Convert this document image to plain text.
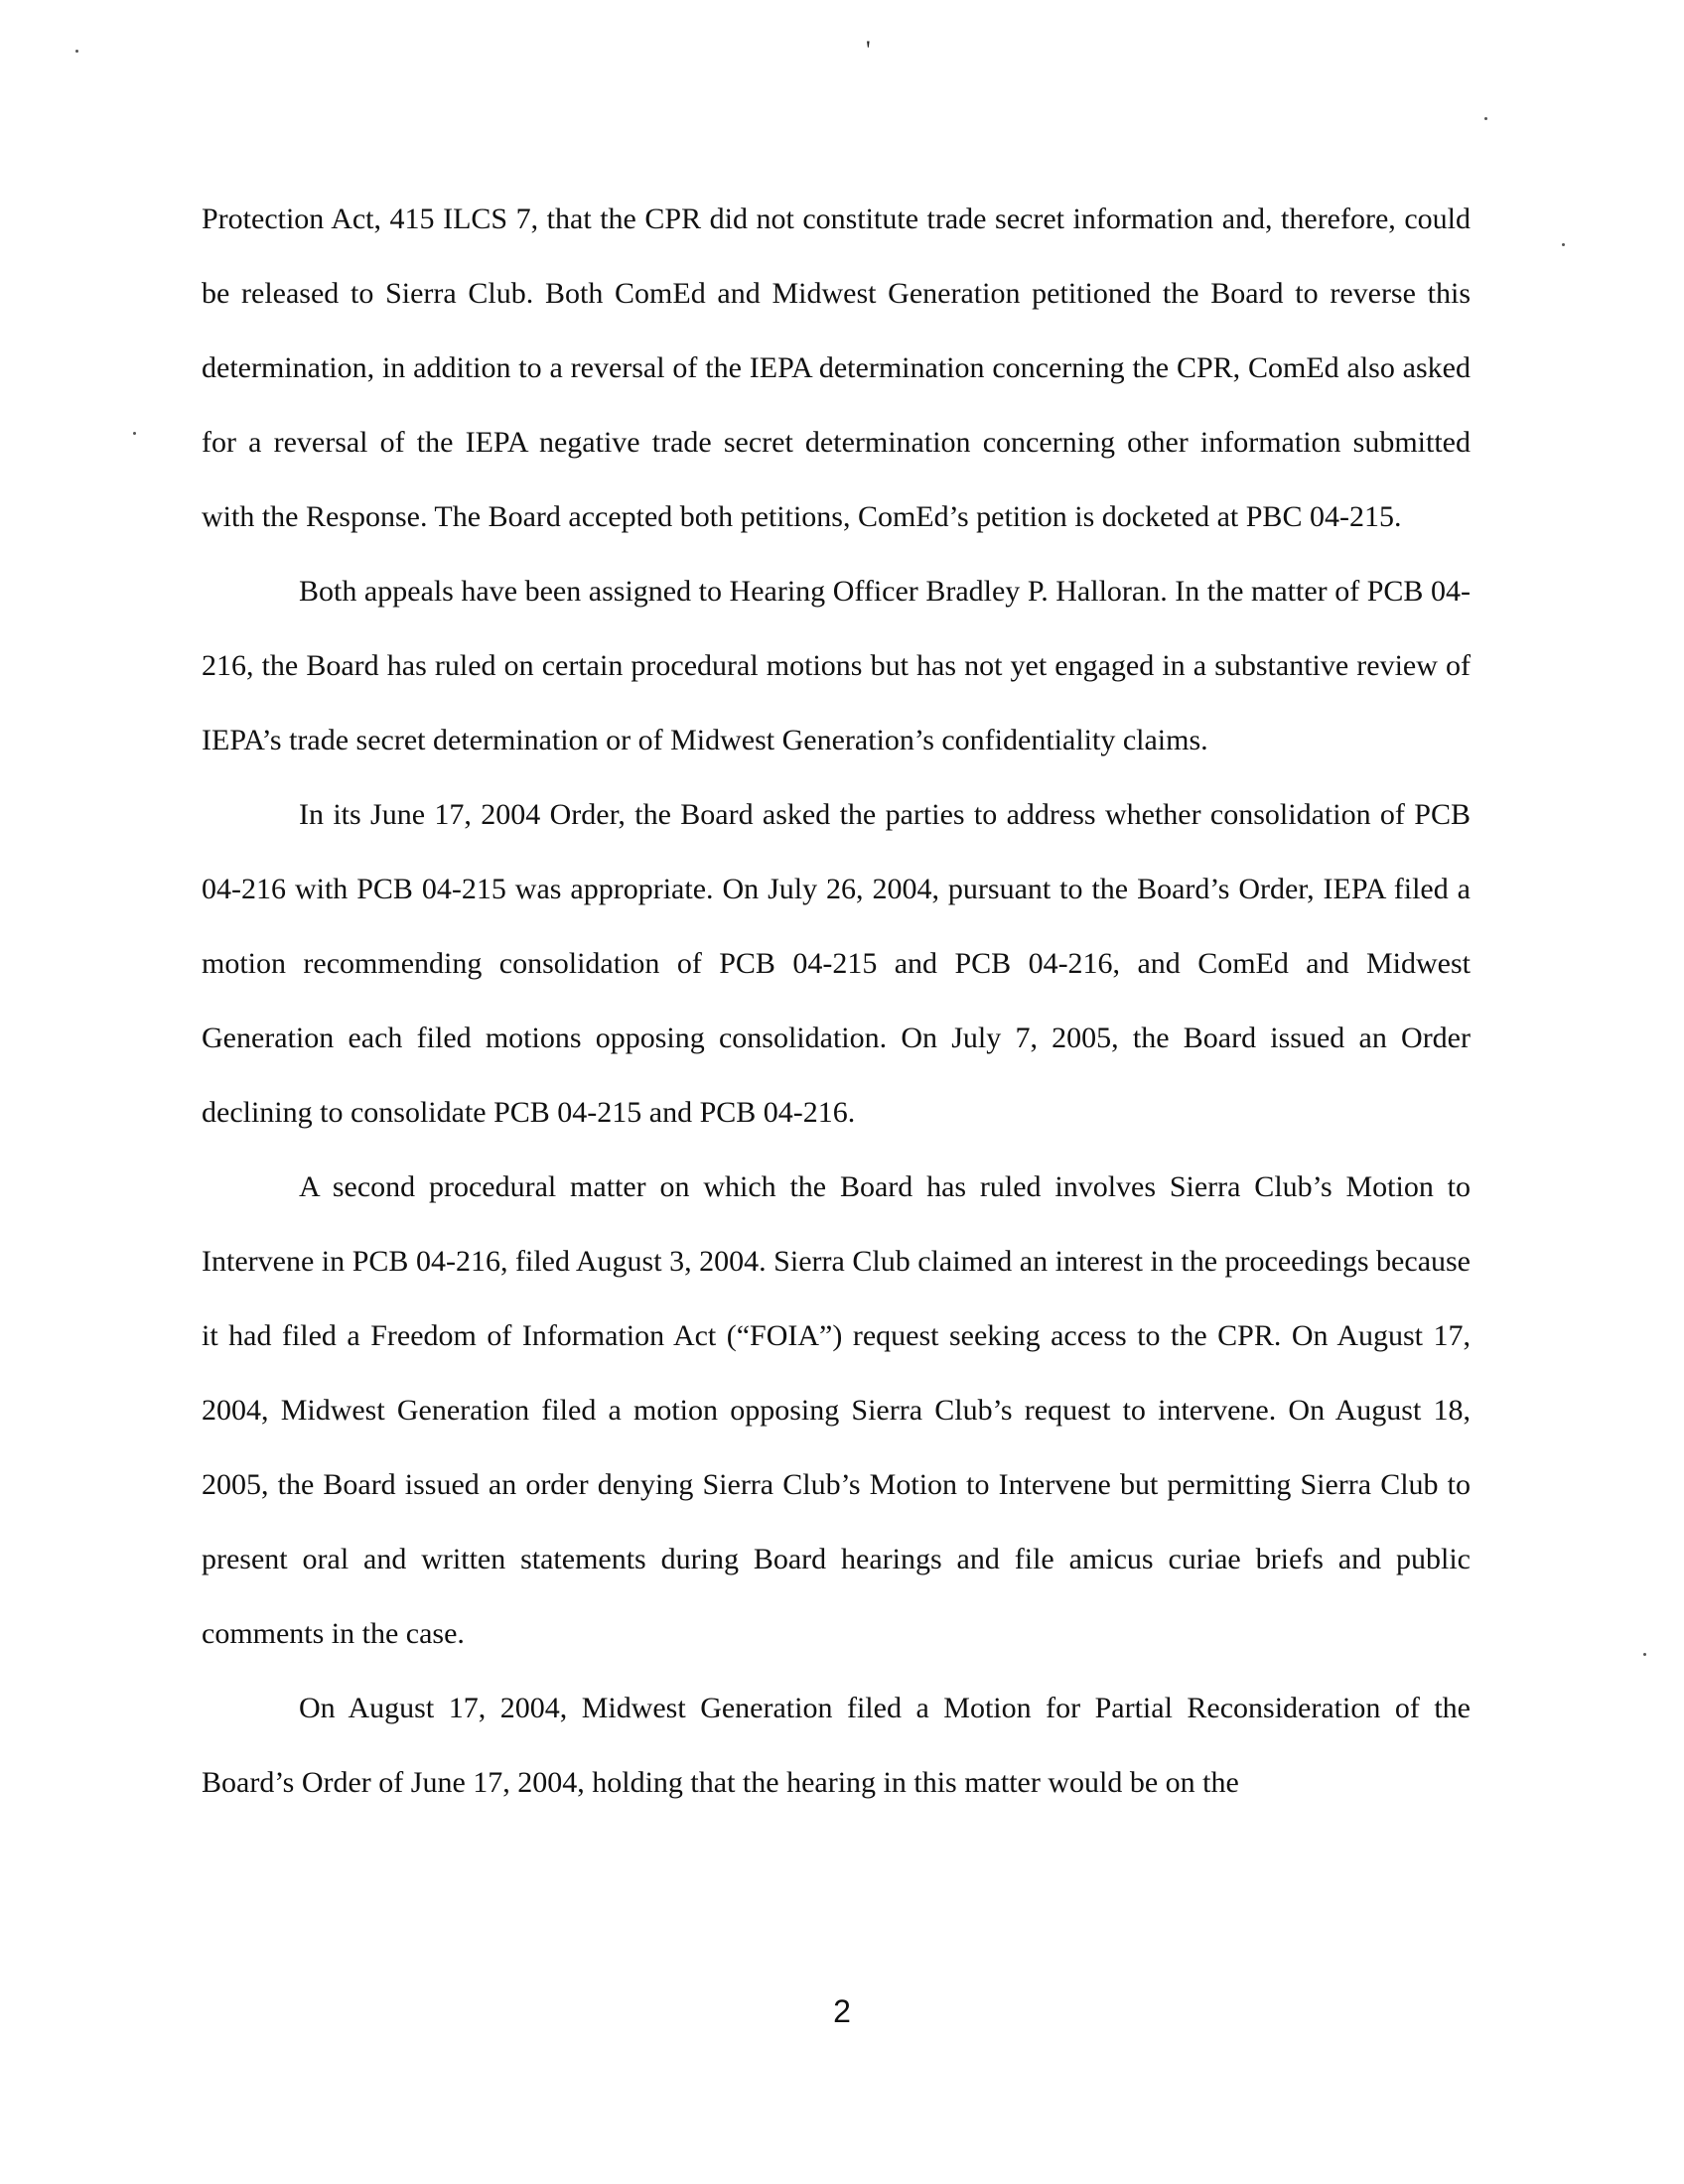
'

Protection Act, 415 ILCS 7, that the CPR did not constitute trade secret information and, therefore, could be released to Sierra Club. Both ComEd and Midwest Generation petitioned the Board to reverse this determination, in addition to a reversal of the IEPA determination concerning the CPR, ComEd also asked for a reversal of the IEPA negative trade secret determination concerning other information submitted with the Response. The Board accepted both petitions, ComEd’s petition is docketed at PBC 04-215.

Both appeals have been assigned to Hearing Officer Bradley P. Halloran. In the matter of PCB 04-216, the Board has ruled on certain procedural motions but has not yet engaged in a substantive review of IEPA’s trade secret determination or of Midwest Generation’s confidentiality claims.

In its June 17, 2004 Order, the Board asked the parties to address whether consolidation of PCB 04-216 with PCB 04-215 was appropriate. On July 26, 2004, pursuant to the Board’s Order, IEPA filed a motion recommending consolidation of PCB 04-215 and PCB 04-216, and ComEd and Midwest Generation each filed motions opposing consolidation. On July 7, 2005, the Board issued an Order declining to consolidate PCB 04-215 and PCB 04-216.

A second procedural matter on which the Board has ruled involves Sierra Club’s Motion to Intervene in PCB 04-216, filed August 3, 2004. Sierra Club claimed an interest in the proceedings because it had filed a Freedom of Information Act (“FOIA”) request seeking access to the CPR. On August 17, 2004, Midwest Generation filed a motion opposing Sierra Club’s request to intervene. On August 18, 2005, the Board issued an order denying Sierra Club’s Motion to Intervene but permitting Sierra Club to present oral and written statements during Board hearings and file amicus curiae briefs and public comments in the case.

On August 17, 2004, Midwest Generation filed a Motion for Partial Reconsideration of the Board’s Order of June 17, 2004, holding that the hearing in this matter would be on the

2
